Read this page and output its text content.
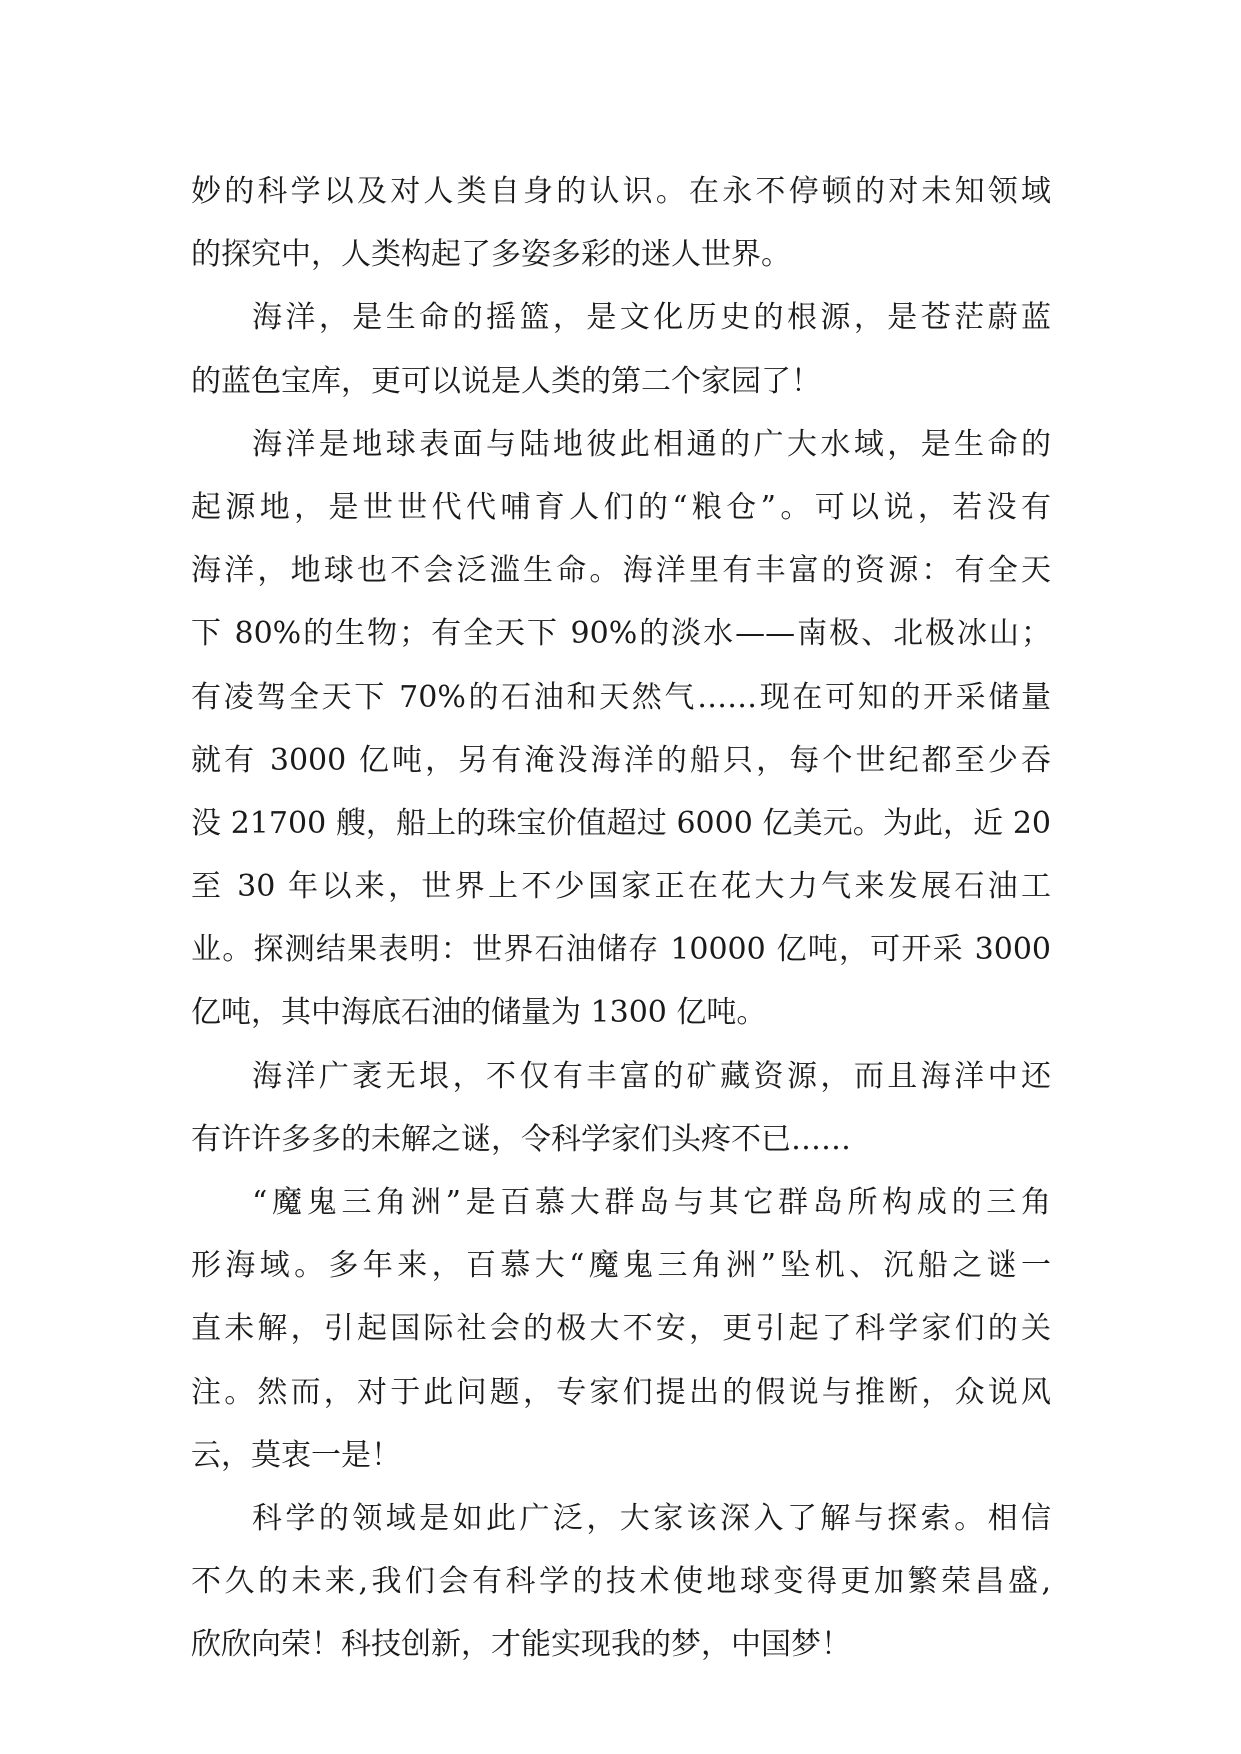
妙的科学以及对人类自身的认识。在永不停顿的对未知领域
的探究中，人类构起了多姿多彩的迷人世界。
海洋，是生命的摇篮，是文化历史的根源，是苍茫蔚蓝
的蓝色宝库，更可以说是人类的第二个家园了！
海洋是地球表面与陆地彼此相通的广大水域，是生命的
起源地，是世世代代哺育人们的“粮仓”。可以说，若没有
海洋，地球也不会泛滥生命。海洋里有丰富的资源：有全天
下 80%的生物；有全天下 90%的淡水——南极、北极冰山；
有凌驾全天下 70%的石油和天然气……现在可知的开采储量
就有 3000 亿吨，另有淹没海洋的船只，每个世纪都至少吞
没 21700 艘，船上的珠宝价值超过 6000 亿美元。为此，近 20
至 30 年以来，世界上不少国家正在花大力气来发展石油工
业。探测结果表明：世界石油储存 10000 亿吨，可开采 3000
亿吨，其中海底石油的储量为 1300 亿吨。
海洋广袤无垠，不仅有丰富的矿藏资源，而且海洋中还
有许许多多的未解之谜，令科学家们头疼不已……
“魔鬼三角洲”是百慕大群岛与其它群岛所构成的三角
形海域。多年来，百慕大“魔鬼三角洲”坠机、沉船之谜一
直未解，引起国际社会的极大不安，更引起了科学家们的关
注。然而，对于此问题，专家们提出的假说与推断，众说风
云，莫衷一是！
科学的领域是如此广泛，大家该深入了解与探索。相信
不久的未来,我们会有科学的技术使地球变得更加繁荣昌盛,
欣欣向荣！科技创新，才能实现我的梦，中国梦！
